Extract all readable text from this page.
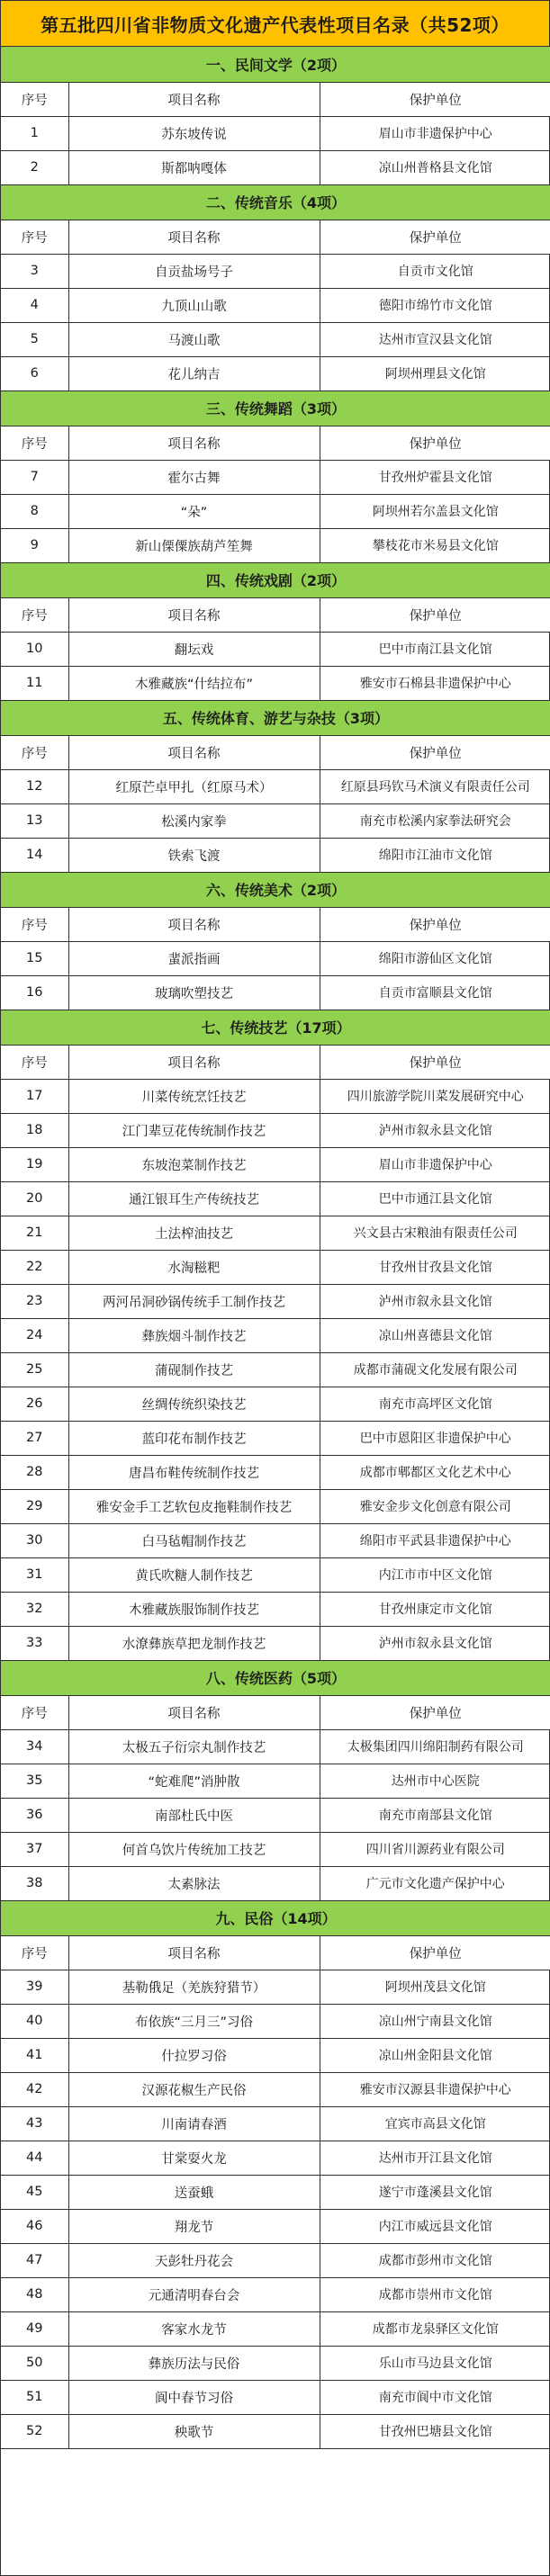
第五批四川省非物质文化遗产代表性项目名录（共52项）
一、民间文学（2项）		
序号	项目名称	保护单位
1	苏东坡传说	眉山市非遗保护中心
2	斯都呐嘎体	凉山州普格县文化馆
二、传统音乐（4项）		
序号	项目名称	保护单位
3	自贡盐场号子	自贡市文化馆
4	九顶山山歌	德阳市绵竹市文化馆
5	马渡山歌	达州市宣汉县文化馆
6	花儿纳吉	阿坝州理县文化馆
三、传统舞蹈（3项）		
序号	项目名称	保护单位
7	霍尔古舞	甘孜州炉霍县文化馆
8	“朵”	阿坝州若尔盖县文化馆
9	新山傈僳族葫芦笙舞	攀枝花市米易县文化馆
四、传统戏剧（2项）		
序号	项目名称	保护单位
10	翻坛戏	巴中市南江县文化馆
11	木雅藏族“什结拉布”	雅安市石棉县非遗保护中心
五、传统体育、游艺与杂技（3项）		
序号	项目名称	保护单位
12	红原芒卓甲扎（红原马术）	红原县玛钦马术演义有限责任公司
13	松溪内家拳	南充市松溪内家拳法研究会
14	铁索飞渡	绵阳市江油市文化馆
六、传统美术（2项）		
序号	项目名称	保护单位
15	蜚派指画	绵阳市游仙区文化馆
16	玻璃吹塑技艺	自贡市富顺县文化馆
七、传统技艺（17项）		
序号	项目名称	保护单位
17	川菜传统烹饪技艺	四川旅游学院川菜发展研究中心
18	江门辈豆花传统制作技艺	泸州市叙永县文化馆
19	东坡泡菜制作技艺	眉山市非遗保护中心
20	通江银耳生产传统技艺	巴中市通江县文化馆
21	土法榨油技艺	兴文县古宋粮油有限责任公司
22	水淘糍粑	甘孜州甘孜县文化馆
23	两河吊洞砂锅传统手工制作技艺	泸州市叙永县文化馆
24	彝族烟斗制作技艺	凉山州喜德县文化馆
25	蒲砚制作技艺	成都市蒲砚文化发展有限公司
26	丝绸传统织染技艺	南充市高坪区文化馆
27	蓝印花布制作技艺	巴中市恩阳区非遗保护中心
28	唐昌布鞋传统制作技艺	成都市郫都区文化艺术中心
29	雅安金手工艺软包皮拖鞋制作技艺	雅安金步文化创意有限公司
30	白马毡帽制作技艺	绵阳市平武县非遗保护中心
31	黄氏吹糖人制作技艺	内江市市中区文化馆
32	木雅藏族服饰制作技艺	甘孜州康定市文化馆
33	水潦彝族草把龙制作技艺	泸州市叙永县文化馆
八、传统医药（5项）		
序号	项目名称	保护单位
34	太极五子衍宗丸制作技艺	太极集团四川绵阳制药有限公司
35	“蛇难爬”消肿散	达州市中心医院
36	南部杜氏中医	南充市南部县文化馆
37	何首乌饮片传统加工技艺	四川省川源药业有限公司
38	太素脉法	广元市文化遗产保护中心
九、民俗（14项）		
序号	项目名称	保护单位
39	基勒俄足（羌族狩猎节）	阿坝州茂县文化馆
40	布依族“三月三”习俗	凉山州宁南县文化馆
41	什拉罗习俗	凉山州金阳县文化馆
42	汉源花椒生产民俗	雅安市汉源县非遗保护中心
43	川南请春酒	宜宾市高县文化馆
44	甘棠耍火龙	达州市开江县文化馆
45	送蚕蛾	遂宁市蓬溪县文化馆
46	翔龙节	内江市威远县文化馆
47	天彭牡丹花会	成都市彭州市文化馆
48	元通清明春台会	成都市崇州市文化馆
49	客家水龙节	成都市龙泉驿区文化馆
50	彝族历法与民俗	乐山市马边县文化馆
51	阆中春节习俗	南充市阆中市文化馆
52	秧歌节	甘孜州巴塘县文化馆
